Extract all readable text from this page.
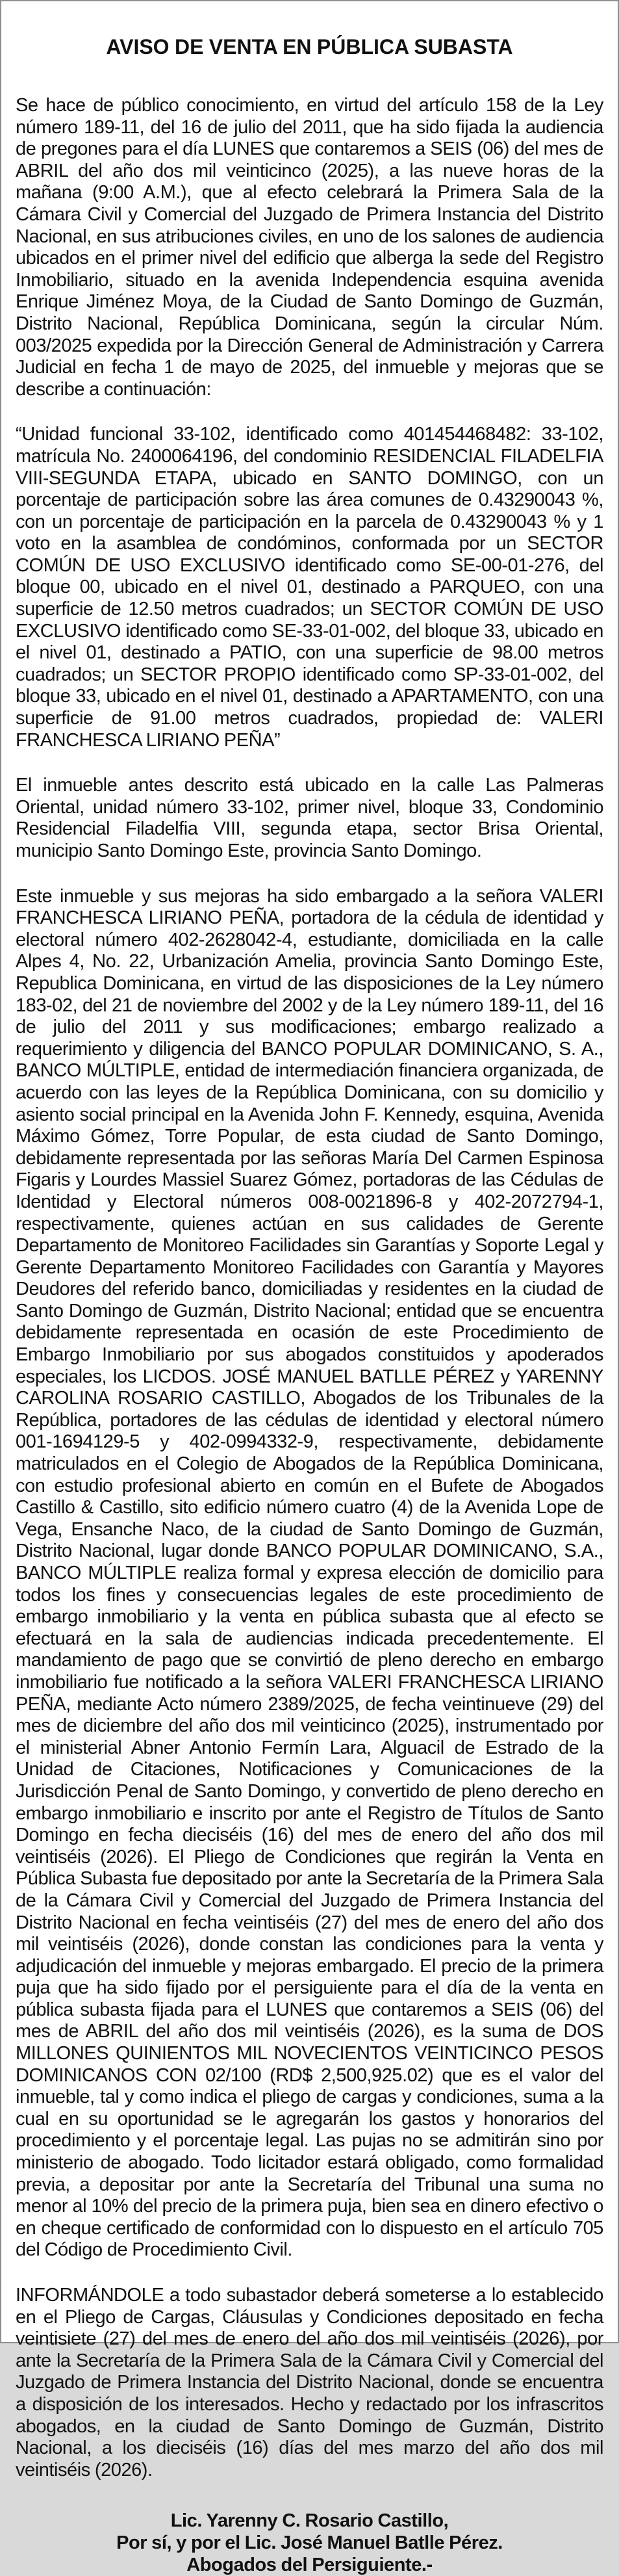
AVISO DE VENTA EN PÚBLICA SUBASTA
Se hace de público conocimiento, en virtud del artículo 158 de la Ley número 189-11, del 16 de julio del 2011, que ha sido fijada la audiencia de pregones para el día LUNES que contaremos a SEIS (06) del mes de ABRIL del año dos mil veinticinco (2025), a las nueve horas de la mañana (9:00 A.M.), que al efecto celebrará la Primera Sala de la Cámara Civil y Comercial del Juzgado de Primera Instancia del Distrito Nacional, en sus atribuciones civiles, en uno de los salones de audiencia ubicados en el primer nivel del edificio que alberga la sede del Registro Inmobiliario, situado en la avenida Independencia esquina avenida Enrique Jiménez Moya, de la Ciudad de Santo Domingo de Guzmán, Distrito Nacional, República Dominicana, según la circular Núm. 003/2025 expedida por la Dirección General de Administración y Carrera Judicial en fecha 1 de mayo de 2025, del inmueble y mejoras que se describe a continuación:
“Unidad funcional 33-102, identificado como 401454468482: 33-102, matrícula No. 2400064196, del condominio RESIDENCIAL FILADELFIA VIII-SEGUNDA ETAPA, ubicado en SANTO DOMINGO, con un porcentaje de participación sobre las área comunes de 0.43290043 %, con un porcentaje de participación en la parcela de 0.43290043 % y 1 voto en la asamblea de condóminos, conformada por un SECTOR COMÚN DE USO EXCLUSIVO identificado como SE-00-01-276, del bloque 00, ubicado en el nivel 01, destinado a PARQUEO, con una superficie de 12.50 metros cuadrados; un SECTOR COMÚN DE USO EXCLUSIVO identificado como SE-33-01-002, del bloque 33, ubicado en el nivel 01, destinado a PATIO, con una superficie de 98.00 metros cuadrados; un SECTOR PROPIO identificado como SP-33-01-002, del bloque 33, ubicado en el nivel 01, destinado a APARTAMENTO, con una superficie de 91.00 metros cuadrados, propiedad de: VALERI FRANCHESCA LIRIANO PEÑA”
El inmueble antes descrito está ubicado en la calle Las Palmeras Oriental, unidad número 33-102, primer nivel, bloque 33, Condominio Residencial Filadelfia VIII, segunda etapa, sector Brisa Oriental, municipio Santo Domingo Este, provincia Santo Domingo.
Este inmueble y sus mejoras ha sido embargado a la señora VALERI FRANCHESCA LIRIANO PEÑA, portadora de la cédula de identidad y electoral número 402-2628042-4, estudiante, domiciliada en la calle Alpes 4, No. 22, Urbanización Amelia, provincia Santo Domingo Este, Republica Dominicana, en virtud de las disposiciones de la Ley número 183-02, del 21 de noviembre del 2002 y de la Ley número 189-11, del 16 de julio del 2011 y sus modificaciones; embargo realizado a requerimiento y diligencia del BANCO POPULAR DOMINICANO, S. A., BANCO MÚLTIPLE, entidad de intermediación financiera organizada, de acuerdo con las leyes de la República Dominicana, con su domicilio y asiento social principal en la Avenida John F. Kennedy, esquina, Avenida Máximo Gómez, Torre Popular, de esta ciudad de Santo Domingo, debidamente representada por las señoras María Del Carmen Espinosa Figaris y Lourdes Massiel Suarez Gómez, portadoras de las Cédulas de Identidad y Electoral números 008-0021896-8 y 402-2072794-1, respectivamente, quienes actúan en sus calidades de Gerente Departamento de Monitoreo Facilidades sin Garantías y Soporte Legal y Gerente Departamento Monitoreo Facilidades con Garantía y Mayores Deudores del referido banco, domiciliadas y residentes en la ciudad de Santo Domingo de Guzmán, Distrito Nacional; entidad que se encuentra debidamente representada en ocasión de este Procedimiento de Embargo Inmobiliario por sus abogados constituidos y apoderados especiales, los LICDOS. JOSÉ MANUEL BATLLE PÉREZ y YARENNY CAROLINA ROSARIO CASTILLO, Abogados de los Tribunales de la República, portadores de las cédulas de identidad y electoral número 001-1694129-5 y 402-0994332-9, respectivamente, debidamente matriculados en el Colegio de Abogados de la República Dominicana, con estudio profesional abierto en común en el Bufete de Abogados Castillo & Castillo, sito edificio número cuatro (4) de la Avenida Lope de Vega, Ensanche Naco, de la ciudad de Santo Domingo de Guzmán, Distrito Nacional, lugar donde BANCO POPULAR DOMINICANO, S.A., BANCO MÚLTIPLE realiza formal y expresa elección de domicilio para todos los fines y consecuencias legales de este procedimiento de embargo inmobiliario y la venta en pública subasta que al efecto se efectuará en la sala de audiencias indicada precedentemente. El mandamiento de pago que se convirtió de pleno derecho en embargo inmobiliario fue notificado a la señora VALERI FRANCHESCA LIRIANO PEÑA, mediante Acto número 2389/2025, de fecha veintinueve (29) del mes de diciembre del año dos mil veinticinco (2025), instrumentado por el ministerial Abner Antonio Fermín Lara, Alguacil de Estrado de la Unidad de Citaciones, Notificaciones y Comunicaciones de la Jurisdicción Penal de Santo Domingo, y convertido de pleno derecho en embargo inmobiliario e inscrito por ante el Registro de Títulos de Santo Domingo en fecha dieciséis (16) del mes de enero del año dos mil veintiséis (2026). El Pliego de Condiciones que regirán la Venta en Pública Subasta fue depositado por ante la Secretaría de la Primera Sala de la Cámara Civil y Comercial del Juzgado de Primera Instancia del Distrito Nacional en fecha veintiséis (27) del mes de enero del año dos mil veintiséis (2026), donde constan las condiciones para la venta y adjudicación del inmueble y mejoras embargado. El precio de la primera puja que ha sido fijado por el persiguiente para el día de la venta en pública subasta fijada para el LUNES que contaremos a SEIS (06) del mes de ABRIL del año dos mil veintiséis (2026), es la suma de DOS MILLONES QUINIENTOS MIL NOVECIENTOS VEINTICINCO PESOS DOMINICANOS CON 02/100 (RD$ 2,500,925.02) que es el valor del inmueble, tal y como indica el pliego de cargas y condiciones, suma a la cual en su oportunidad se le agregarán los gastos y honorarios del procedimiento y el porcentaje legal. Las pujas no se admitirán sino por ministerio de abogado. Todo licitador estará obligado, como formalidad previa, a depositar por ante la Secretaría del Tribunal una suma no menor al 10% del precio de la primera puja, bien sea en dinero efectivo o en cheque certificado de conformidad con lo dispuesto en el artículo 705 del Código de Procedimiento Civil.
INFORMÁNDOLE a todo subastador deberá someterse a lo establecido en el Pliego de Cargas, Cláusulas y Condiciones depositado en fecha veintisiete (27) del mes de enero del año dos mil veintiséis (2026), por ante la Secretaría de la Primera Sala de la Cámara Civil y Comercial del Juzgado de Primera Instancia del Distrito Nacional, donde se encuentra a disposición de los interesados. Hecho y redactado por los infrascritos abogados, en la ciudad de Santo Domingo de Guzmán, Distrito Nacional, a los dieciséis (16) días del mes marzo del año dos mil veintiséis (2026).
Lic. Yarenny C. Rosario Castillo,
Por sí, y por el Lic. José Manuel Batlle Pérez.
Abogados del Persiguiente.-
